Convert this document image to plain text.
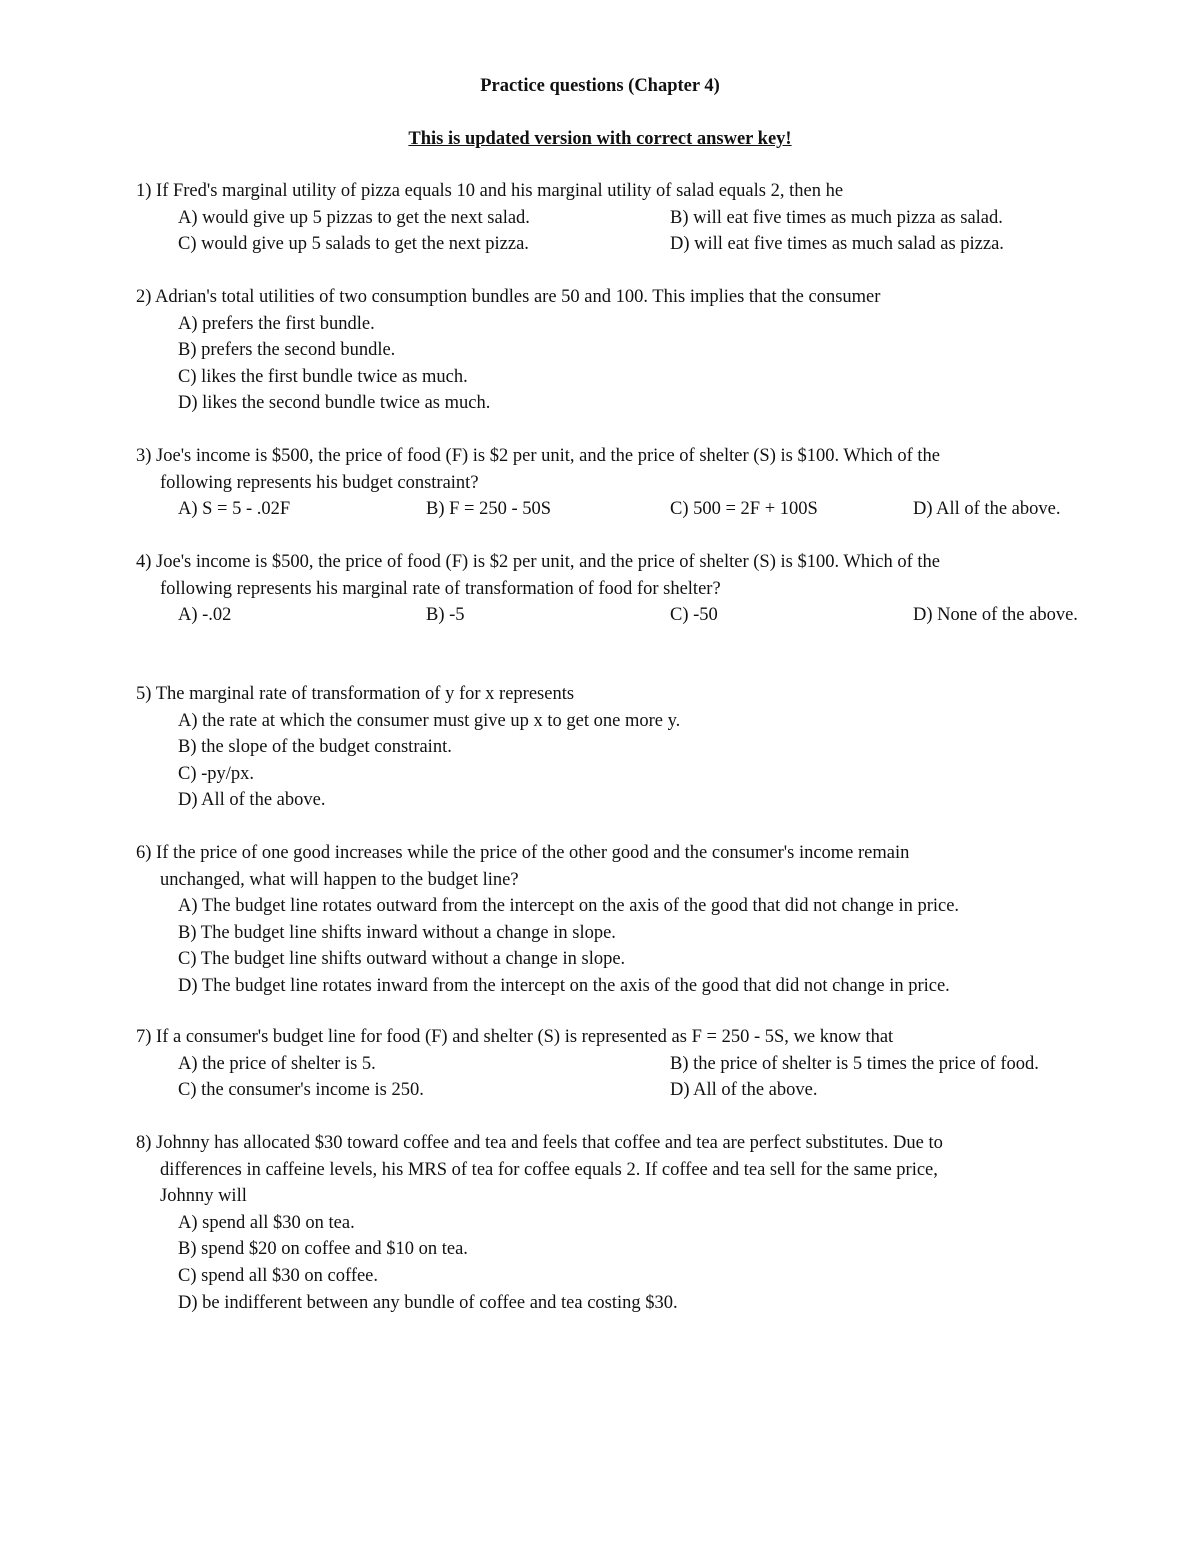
Practice questions (Chapter 4)
This is updated version with correct answer key!
1) If Fred's marginal utility of pizza equals 10 and his marginal utility of salad equals 2, then he
A) would give up 5 pizzas to get the next salad.	B) will eat five times as much pizza as salad.
C) would give up 5 salads to get the next pizza.	D) will eat five times as much salad as pizza.
2) Adrian's total utilities of two consumption bundles are 50 and 100. This implies that the consumer
A) prefers the first bundle.
B) prefers the second bundle.
C) likes the first bundle twice as much.
D) likes the second bundle twice as much.
3) Joe's income is $500, the price of food (F) is $2 per unit, and the price of shelter (S) is $100. Which of the
following represents his budget constraint?
A) S = 5 - .02F	B) F = 250 - 50S	C) 500 = 2F + 100S	D) All of the above.
4) Joe's income is $500, the price of food (F) is $2 per unit, and the price of shelter (S) is $100. Which of the
following represents his marginal rate of transformation of food for shelter?
A) -.02	B) -5	C) -50	D) None of the above.
5) The marginal rate of transformation of y for x represents
A) the rate at which the consumer must give up x to get one more y.
B) the slope of the budget constraint.
C) -py/px.
D) All of the above.
6) If the price of one good increases while the price of the other good and the consumer's income remain
unchanged, what will happen to the budget line?
A) The budget line rotates outward from the intercept on the axis of the good that did not change in price.
B) The budget line shifts inward without a change in slope.
C) The budget line shifts outward without a change in slope.
D) The budget line rotates inward from the intercept on the axis of the good that did not change in price.
7) If a consumer's budget line for food (F) and shelter (S) is represented as F = 250 - 5S, we know that
A) the price of shelter is 5.	B) the price of shelter is 5 times the price of food.
C) the consumer's income is 250.	D) All of the above.
8) Johnny has allocated $30 toward coffee and tea and feels that coffee and tea are perfect substitutes. Due to
differences in caffeine levels, his MRS of tea for coffee equals 2. If coffee and tea sell for the same price,
Johnny will
A) spend all $30 on tea.
B) spend $20 on coffee and $10 on tea.
C) spend all $30 on coffee.
D) be indifferent between any bundle of coffee and tea costing $30.
